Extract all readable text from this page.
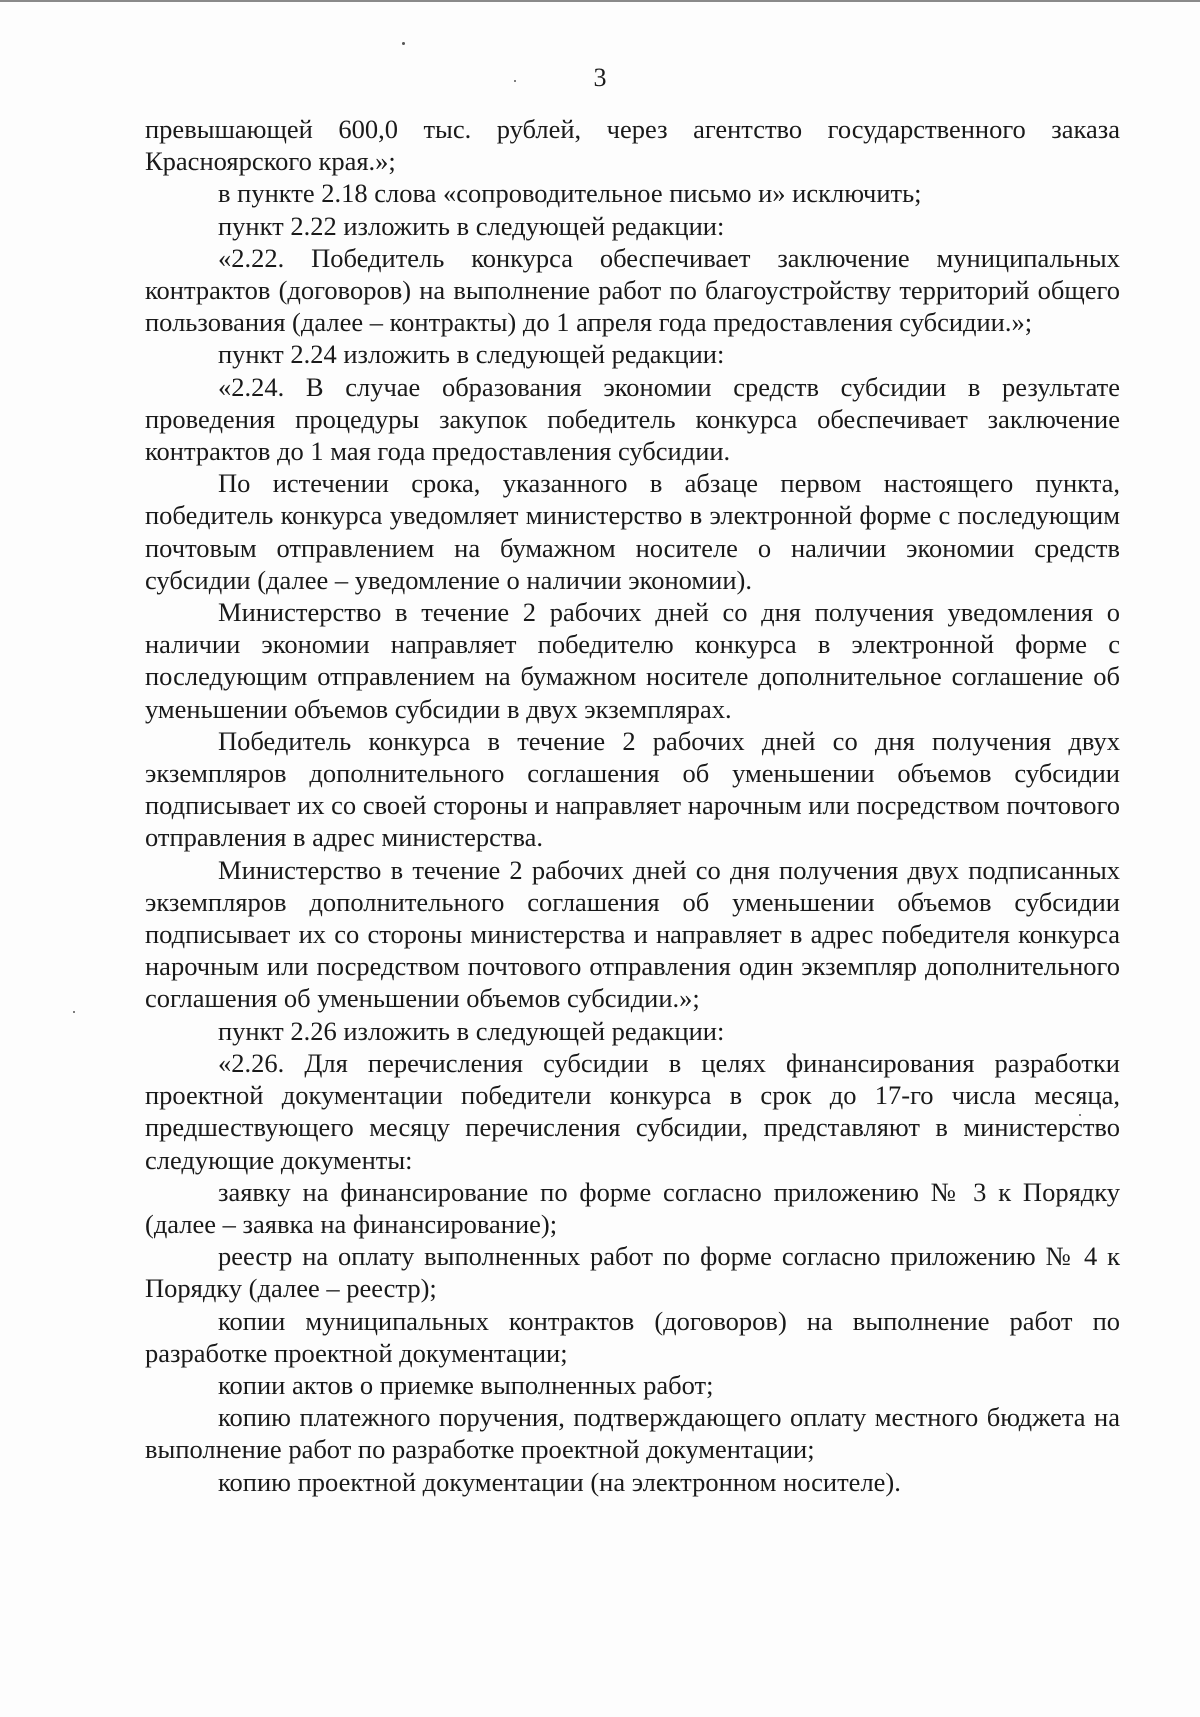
3

превышающей 600,0 тыс. рублей, через агентство государственного заказа Красноярского края.»;

в пункте 2.18 слова «сопроводительное письмо и» исключить;

пункт 2.22 изложить в следующей редакции:

«2.22. Победитель конкурса обеспечивает заключение муниципальных контрактов (договоров) на выполнение работ по благоустройству территорий общего пользования (далее – контракты) до 1 апреля года предоставления субсидии.»;

пункт 2.24 изложить в следующей редакции:

«2.24. В случае образования экономии средств субсидии в результате проведения процедуры закупок победитель конкурса обеспечивает заключение контрактов до 1 мая года предоставления субсидии.

По истечении срока, указанного в абзаце первом настоящего пункта, победитель конкурса уведомляет министерство в электронной форме с последующим почтовым отправлением на бумажном носителе о наличии экономии средств субсидии (далее – уведомление о наличии экономии).

Министерство в течение 2 рабочих дней со дня получения уведомления о наличии экономии направляет победителю конкурса в электронной форме с последующим отправлением на бумажном носителе дополнительное соглашение об уменьшении объемов субсидии в двух экземплярах.

Победитель конкурса в течение 2 рабочих дней со дня получения двух экземпляров дополнительного соглашения об уменьшении объемов субсидии подписывает их со своей стороны и направляет нарочным или посредством почтового отправления в адрес министерства.

Министерство в течение 2 рабочих дней со дня получения двух подписанных экземпляров дополнительного соглашения об уменьшении объемов субсидии подписывает их со стороны министерства и направляет в адрес победителя конкурса нарочным или посредством почтового отправления один экземпляр дополнительного соглашения об уменьшении объемов субсидии.»;

пункт 2.26 изложить в следующей редакции:

«2.26. Для перечисления субсидии в целях финансирования разработки проектной документации победители конкурса в срок до 17-го числа месяца, предшествующего месяцу перечисления субсидии, представляют в министерство следующие документы:

заявку на финансирование по форме согласно приложению № 3 к Порядку (далее – заявка на финансирование);

реестр на оплату выполненных работ по форме согласно приложению № 4 к Порядку (далее – реестр);

копии муниципальных контрактов (договоров) на выполнение работ по разработке проектной документации;

копии актов о приемке выполненных работ;

копию платежного поручения, подтверждающего оплату местного бюджета на выполнение работ по разработке проектной документации;

копию проектной документации (на электронном носителе).
